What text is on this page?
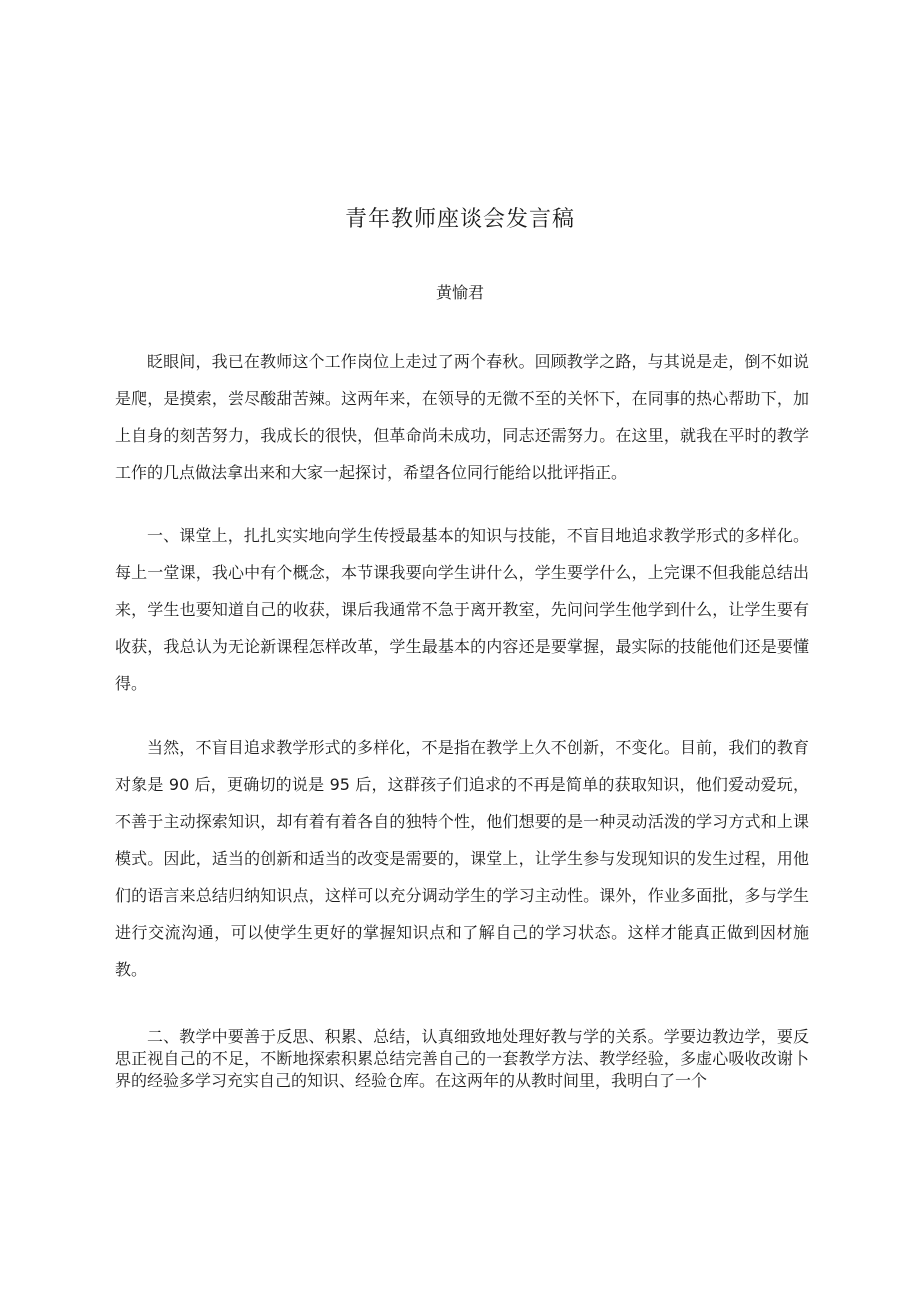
青年教师座谈会发言稿
黄愉君

眨眼间，我已在教师这个工作岗位上走过了两个春秋。回顾教学之路，与其说是走，倒不如说是爬，是摸索，尝尽酸甜苦辣。这两年来，在领导的无微不至的关怀下，在同事的热心帮助下，加上自身的刻苦努力，我成长的很快，但革命尚未成功，同志还需努力。在这里，就我在平时的教学工作的几点做法拿出来和大家一起探讨，希望各位同行能给以批评指正。

一、课堂上，扎扎实实地向学生传授最基本的知识与技能，不盲目地追求教学形式的多样化。每上一堂课，我心中有个概念，本节课我要向学生讲什么，学生要学什么，上完课不但我能总结出来，学生也要知道自己的收获，课后我通常不急于离开教室，先问问学生他学到什么，让学生要有收获，我总认为无论新课程怎样改革，学生最基本的内容还是要掌握，最实际的技能他们还是要懂得。

当然，不盲目追求教学形式的多样化，不是指在教学上久不创新，不变化。目前，我们的教育对象是 90 后，更确切的说是 95 后，这群孩子们追求的不再是简单的获取知识，他们爱动爱玩，不善于主动探索知识，却有着有着各自的独特个性，他们想要的是一种灵动活泼的学习方式和上课模式。因此，适当的创新和适当的改变是需要的，课堂上，让学生参与发现知识的发生过程，用他们的语言来总结归纳知识点，这样可以充分调动学生的学习主动性。课外，作业多面批，多与学生进行交流沟通，可以使学生更好的掌握知识点和了解自己的学习状态。这样才能真正做到因材施教。

二、教学中要善于反思、积累、总结，认真细致地处理好教与学的关系。学要边教边学，要反思正视自己的不足，不断地探索积累总结完善自己的一套教学方法、教学经验，多虚心吸收改谢卜界的经验多学习充实自己的知识、经验仓库。在这两年的从教时间里，我明白了一个
